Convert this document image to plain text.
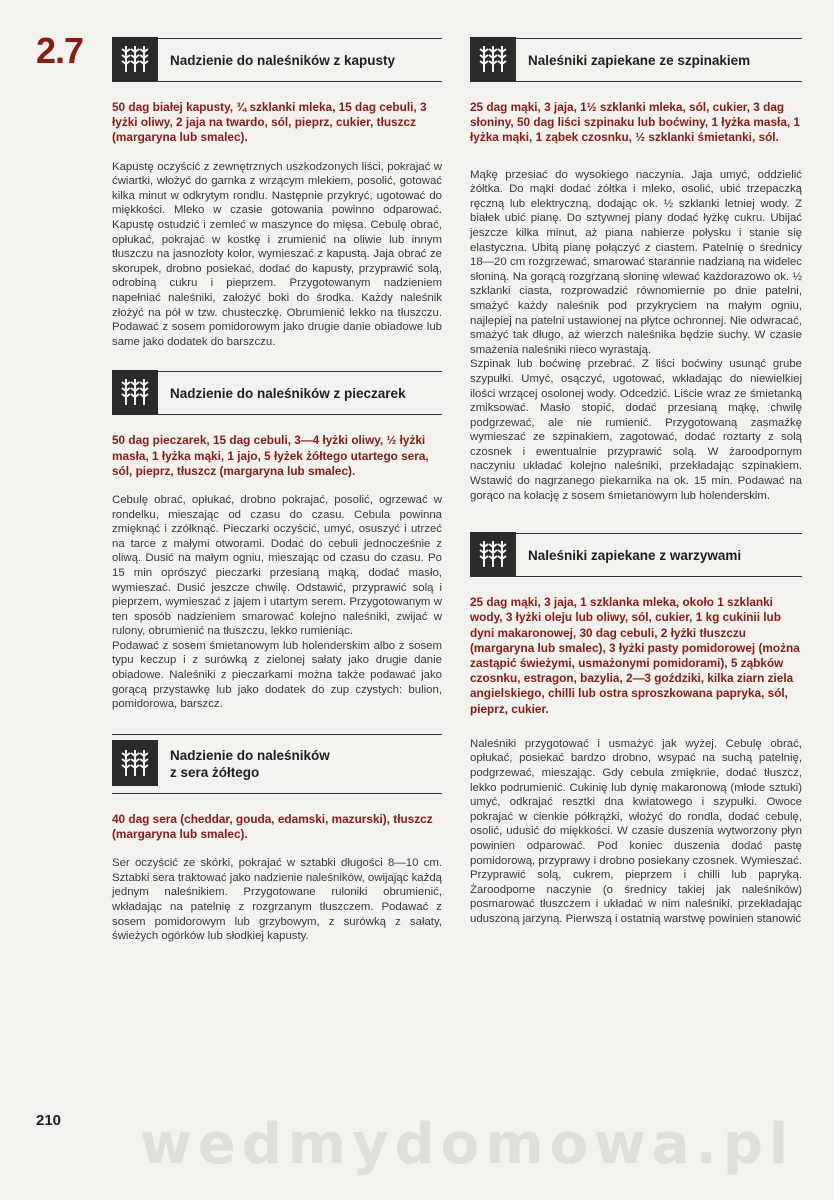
2.7	Nadzienie do naleśników z kapusty
50 dag białej kapusty, ¾ szklanki mleka, 15 dag cebuli, 3 łyżki oliwy, 2 jaja na twardo, sól, pieprz, cukier, tłuszcz (margaryna lub smalec).
Kapustę oczyścić z zewnętrznych uszkodzonych liści, pokrajać w ćwiartki, włożyć do garnka z wrzącym mlekiem, posolić, gotować kilka minut w odkrytym rondlu. Następnie przykryć, ugotować do miękkości. Mleko w czasie gotowania powinno odparować. Kapustę ostudzić i zemleć w maszynce do mięsa. Cebulę obrać, opłukać, pokrajać w kostkę i zrumienić na oliwie lub innym tłuszczu na jasnozłoty kolor, wymieszać z kapustą. Jaja obrać ze skorupek, drobno posiekać, dodać do kapusty, przyprawić solą, odrobiną cukru i pieprzem. Przygotowanym nadzieniem napełniać naleśniki, założyć boki do środka. Każdy naleśnik złożyć na pół w tzw. chusteczkę. Obrumienić lekko na tłuszczu. Podawać z sosem pomidorowym jako drugie danie obiadowe lub same jako dodatek do barszczu.
Nadzienie do naleśników z pieczarek
50 dag pieczarek, 15 dag cebuli, 3—4 łyżki oliwy, ½ łyżki masła, 1 łyżka mąki, 1 jajo, 5 łyżek żółtego utartego sera, sól, pieprz, tłuszcz (margaryna lub smalec).
Cebulę obrać, opłukać, drobno pokrajać, posolić, ogrzewać w rondelku, mieszając od czasu do czasu. Cebula powinna zmięknąć i zzółknąć. Pieczarki oczyścić, umyć, osuszyć i utrzeć na tarce z małymi otworami. Dodać do cebuli jednocześnie z oliwą. Dusić na małym ogniu, mieszając od czasu do czasu. Po 15 min oprószyć pieczarki przesianą mąką, dodać masło, wymieszać. Dusić jeszcze chwilę. Odstawić, przyprawić solą i pieprzem, wymieszać z jajem i utartym serem. Przygotowanym w ten sposób nadzieniem smarować kolejno naleśniki, zwijać w rulony, obrumienić na tłuszczu, lekko rumieniąc.
Podawać z sosem śmietanowym lub holenderskim albo z sosem typu keczup i z surówką z zielonej sałaty jako drugie danie obiadowe. Naleśniki z pieczarkami można także podawać jako gorącą przystawkę lub jako dodatek do zup czystych: bulion, pomidorowa, barszcz.
Nadzienie do naleśników z sera żółtego
40 dag sera (cheddar, gouda, edamski, mazurski), tłuszcz (margaryna lub smalec).
Ser oczyścić ze skórki, pokrajać w sztabki długości 8—10 cm. Sztabki sera traktować jako nadzienie naleśników, owijając każdą jednym naleśnikiem. Przygotowane ruloniki obrumienić, wkładając na patelnię z rozgrzanym tłuszczem. Podawać z sosem pomidorowym lub grzybowym, z surówką z sałaty, świeżych ogórków lub słodkiej kapusty.
Naleśniki zapiekane ze szpinakiem
25 dag mąki, 3 jaja, 1½ szklanki mleka, sól, cukier, 3 dag słoniny, 50 dag liści szpinaku lub boćwiny, 1 łyżka masła, 1 łyżka mąki, 1 ząbek czosnku, ½ szklanki śmietanki, sól.
Mąkę przesiać do wysokiego naczynia. Jaja umyć, oddzielić żółtka. Do mąki dodać żółtka i mleko, osolić, ubić trzepaczką ręczną lub elektryczną, dodając ok. ½ szklanki letniej wody. Z białek ubić pianę. Do sztywnej piany dodać łyżkę cukru. Ubijać jeszcze kilka minut, aż piana nabierze połysku i stanie się elastyczna. Ubitą pianę połączyć z ciastem. Patelnię o średnicy 18—20 cm rozgrzewać, smarować starannie nadzianą na widelec słoniną. Na gorącą rozgrzaną słoninę wlewać każdorazowo ok. ½ szklanki ciasta, rozprowadzić równomiernie po dnie patelni, smażyć każdy naleśnik pod przykryciem na małym ogniu, najlepiej na patelni ustawionej na płytce ochronnej. Nie odwracać, smażyć tak długo, aż wierzch naleśnika będzie suchy. W czasie smażenia naleśniki nieco wyrastają.
Szpinak lub boćwinę przebrać. Z liści boćwiny usunąć grube szypułki. Umyć, osączyć, ugotować, wkładając do niewielkiej ilości wrzącej osolonej wody. Odcedzić. Liście wraz ze śmietanką zmiksować. Masło stopić, dodać przesianą mąkę, chwilę podgrzewać, ale nie rumienić. Przygotowaną zasmażkę wymieszać ze szpinakiem, zagotować, dodać roztarty z solą czosnek i ewentualnie przyprawić solą. W żaroodpornym naczyniu układać kolejno naleśniki, przekładając szpinakiem. Wstawić do nagrzanego piekarnika na ok. 15 min. Podawać na gorąco na kolację z sosem śmietanowym lub holenderskim.
Naleśniki zapiekane z warzywami
25 dag mąki, 3 jaja, 1 szklanka mleka, około 1 szklanki wody, 3 łyżki oleju lub oliwy, sól, cukier, 1 kg cukinii lub dyni makaronowej, 30 dag cebuli, 2 łyżki tłuszczu (margaryna lub smalec), 3 łyżki pasty pomidorowej (można zastąpić świeżymi, usmażonymi pomidorami), 5 ząbków czosnku, estragon, bazylia, 2—3 goździki, kilka ziarn ziela angielskiego, chilli lub ostra sproszkowana papryka, sól, pieprz, cukier.
Naleśniki przygotować i usmażyć jak wyżej. Cebulę obrać, opłukać, posiekać bardzo drobno, wsypać na suchą patelnię, podgrzewać, mieszając. Gdy cebula zmięknie, dodać tłuszcz, lekko podrumienić. Cukinię lub dynię makaronową (młode sztuki) umyć, odkrajać resztki dna kwiatowego i szypułki. Owoce pokrajać w cienkie półkrążki, włożyć do rondla, dodać cebulę, osolić, udusić do miękkości. W czasie duszenia wytworzony płyn powinien odparować. Pod koniec duszenia dodać pastę pomidorową, przyprawy i drobno posiekany czosnek. Wymieszać. Przyprawić solą, cukrem, pieprzem i chilli lub papryką. Żaroodporne naczynie (o średnicy takiej jak naleśników) posmarować tłuszczem i układać w nim naleśniki, przekładając uduszoną jarzyną. Pierwszą i ostatnią warstwę powinien stanowić
210 wedmydomowa.pl
